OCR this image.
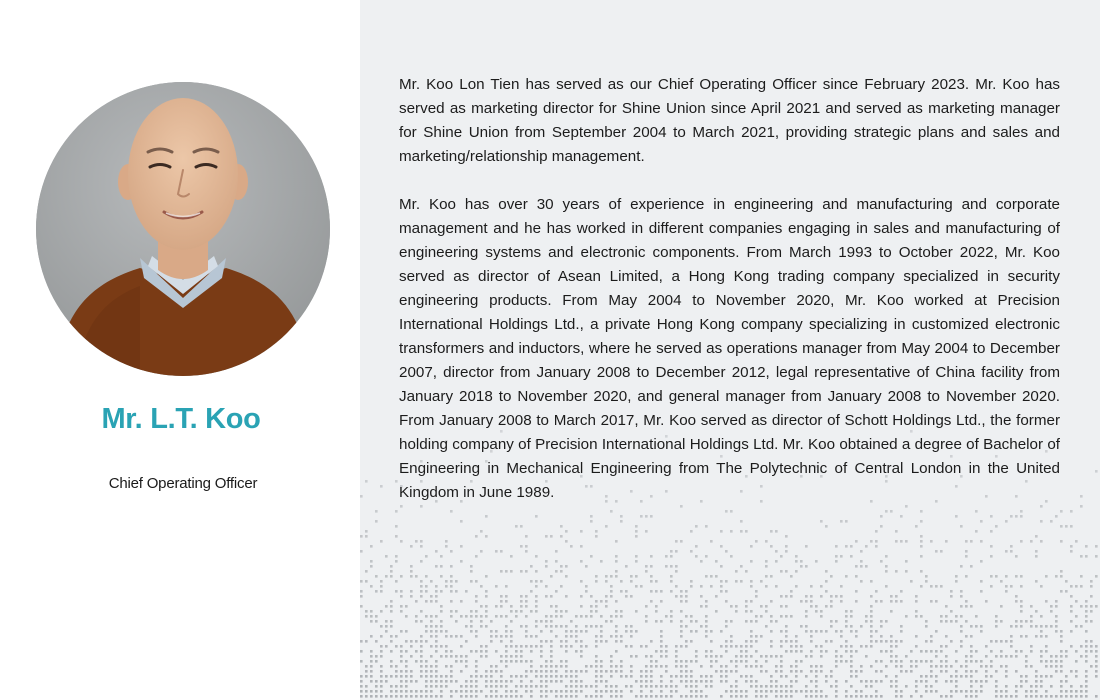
Mr. L.T. Koo
Chief Operating Officer

Mr. Koo Lon Tien has served as our Chief Operating Officer since February 2023. Mr. Koo has served as marketing director for Shine Union since April 2021 and served as marketing manager for Shine Union from September 2004 to March 2021, providing strategic plans and sales and marketing/relationship management.

Mr. Koo has over 30 years of experience in engineering and manufacturing and corporate management and he has worked in different companies engaging in sales and manufacturing of engineering systems and electronic components. From March 1993 to October 2022, Mr. Koo served as director of Asean Limited, a Hong Kong trading company specialized in security engineering products. From May 2004 to November 2020, Mr. Koo worked at Precision International Holdings Ltd., a private Hong Kong company specializing in customized electronic transformers and inductors, where he served as operations manager from May 2004 to December 2007, director from January 2008 to December 2012, legal representative of China facility from January 2018 to November 2020, and general manager from January 2008 to November 2020. From January 2008 to March 2017, Mr. Koo served as director of Schott Holdings Ltd., the former holding company of Precision International Holdings Ltd. Mr. Koo obtained a degree of Bachelor of Engineering in Mechanical Engineering from The Polytechnic of Central London in the United Kingdom in June 1989.
